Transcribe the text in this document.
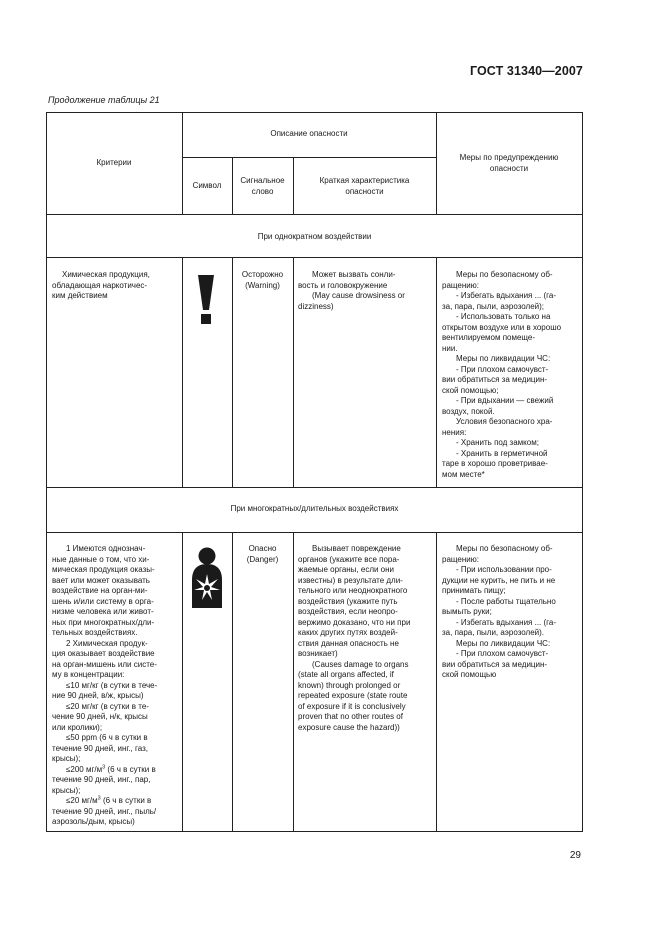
ГОСТ 31340—2007
Продолжение таблицы 21
Критерии
Описание опасности
Символ
Сигнальное
слово
Краткая характеристика
опасности
Меры по предупреждению
опасности
При однократном воздействии
При многократных/длительных воздействиях
Химическая продукция,
обладающая наркотичес-
ким действием
Осторожно
(Warning)
Может вызвать сонли-
вость и головокружение
(May cause drowsiness or
dizziness)
Меры по безопасному об-
ращению:
- Избегать вдыхания ... (га-
за, пара, пыли, аэрозолей);
- Использовать только на
открытом воздухе или в хорошо
вентилируемом помеще-
нии.
Меры по ликвидации ЧС:
- При плохом самочувст-
вии обратиться за медицин-
ской помощью;
- При вдыхании — свежий
воздух, покой.
Условия безопасного хра-
нения:
- Хранить под замком;
- Хранить в герметичной
таре в хорошо проветривае-
мом месте*
1 Имеются однознач-
ные данные о том, что хи-
мическая продукция оказы-
вает или может оказывать
воздействие на орган-ми-
шень и/или систему в орга-
низме человека или живот-
ных при многократных/дли-
тельных воздействиях.
2 Химическая продук-
ция оказывает воздействие
на орган-мишень или систе-
му в концентрации:
≤10 мг/кг (в сутки в тече-
ние 90 дней, в/ж, крысы)
≤20 мг/кг (в сутки в те-
чение 90 дней, н/к, крысы
или кролики);
≤50 ppm (6 ч в сутки в
течение 90 дней, инг., газ,
крысы);
≤200 $мг/м^3$ (6 ч в сутки в
течение 90 дней, инг., пар,
крысы);
≤20 $мг/м^3$ (6 ч в сутки в
течение 90 дней, инг., пыль/
аэрозоль/дым, крысы)
Опасно
(Danger)
Вызывает повреждение
органов (укажите все пора-
жаемые органы, если они
известны) в результате дли-
тельного или неоднократного
воздействия (укажите путь
воздействия, если неопро-
вержимо доказано, что ни при
каких других путях воздей-
ствия данная опасность не
возникает)
(Causes damage to organs
(state all organs affected, if
known) through prolonged or
repeated exposure (state route
of exposure if it is conclusively
proven that no other routes of
exposure cause the hazard))
Меры по безопасному об-
ращению:
- При использовании про-
дукции не курить, не пить и не
принимать пищу;
- После работы тщательно
вымыть руки;
- Избегать вдыхания ... (га-
за, пара, пыли, аэрозолей).
Меры по ликвидации ЧС:
- При плохом самочувст-
вии обратиться за медицин-
ской помощью
29
